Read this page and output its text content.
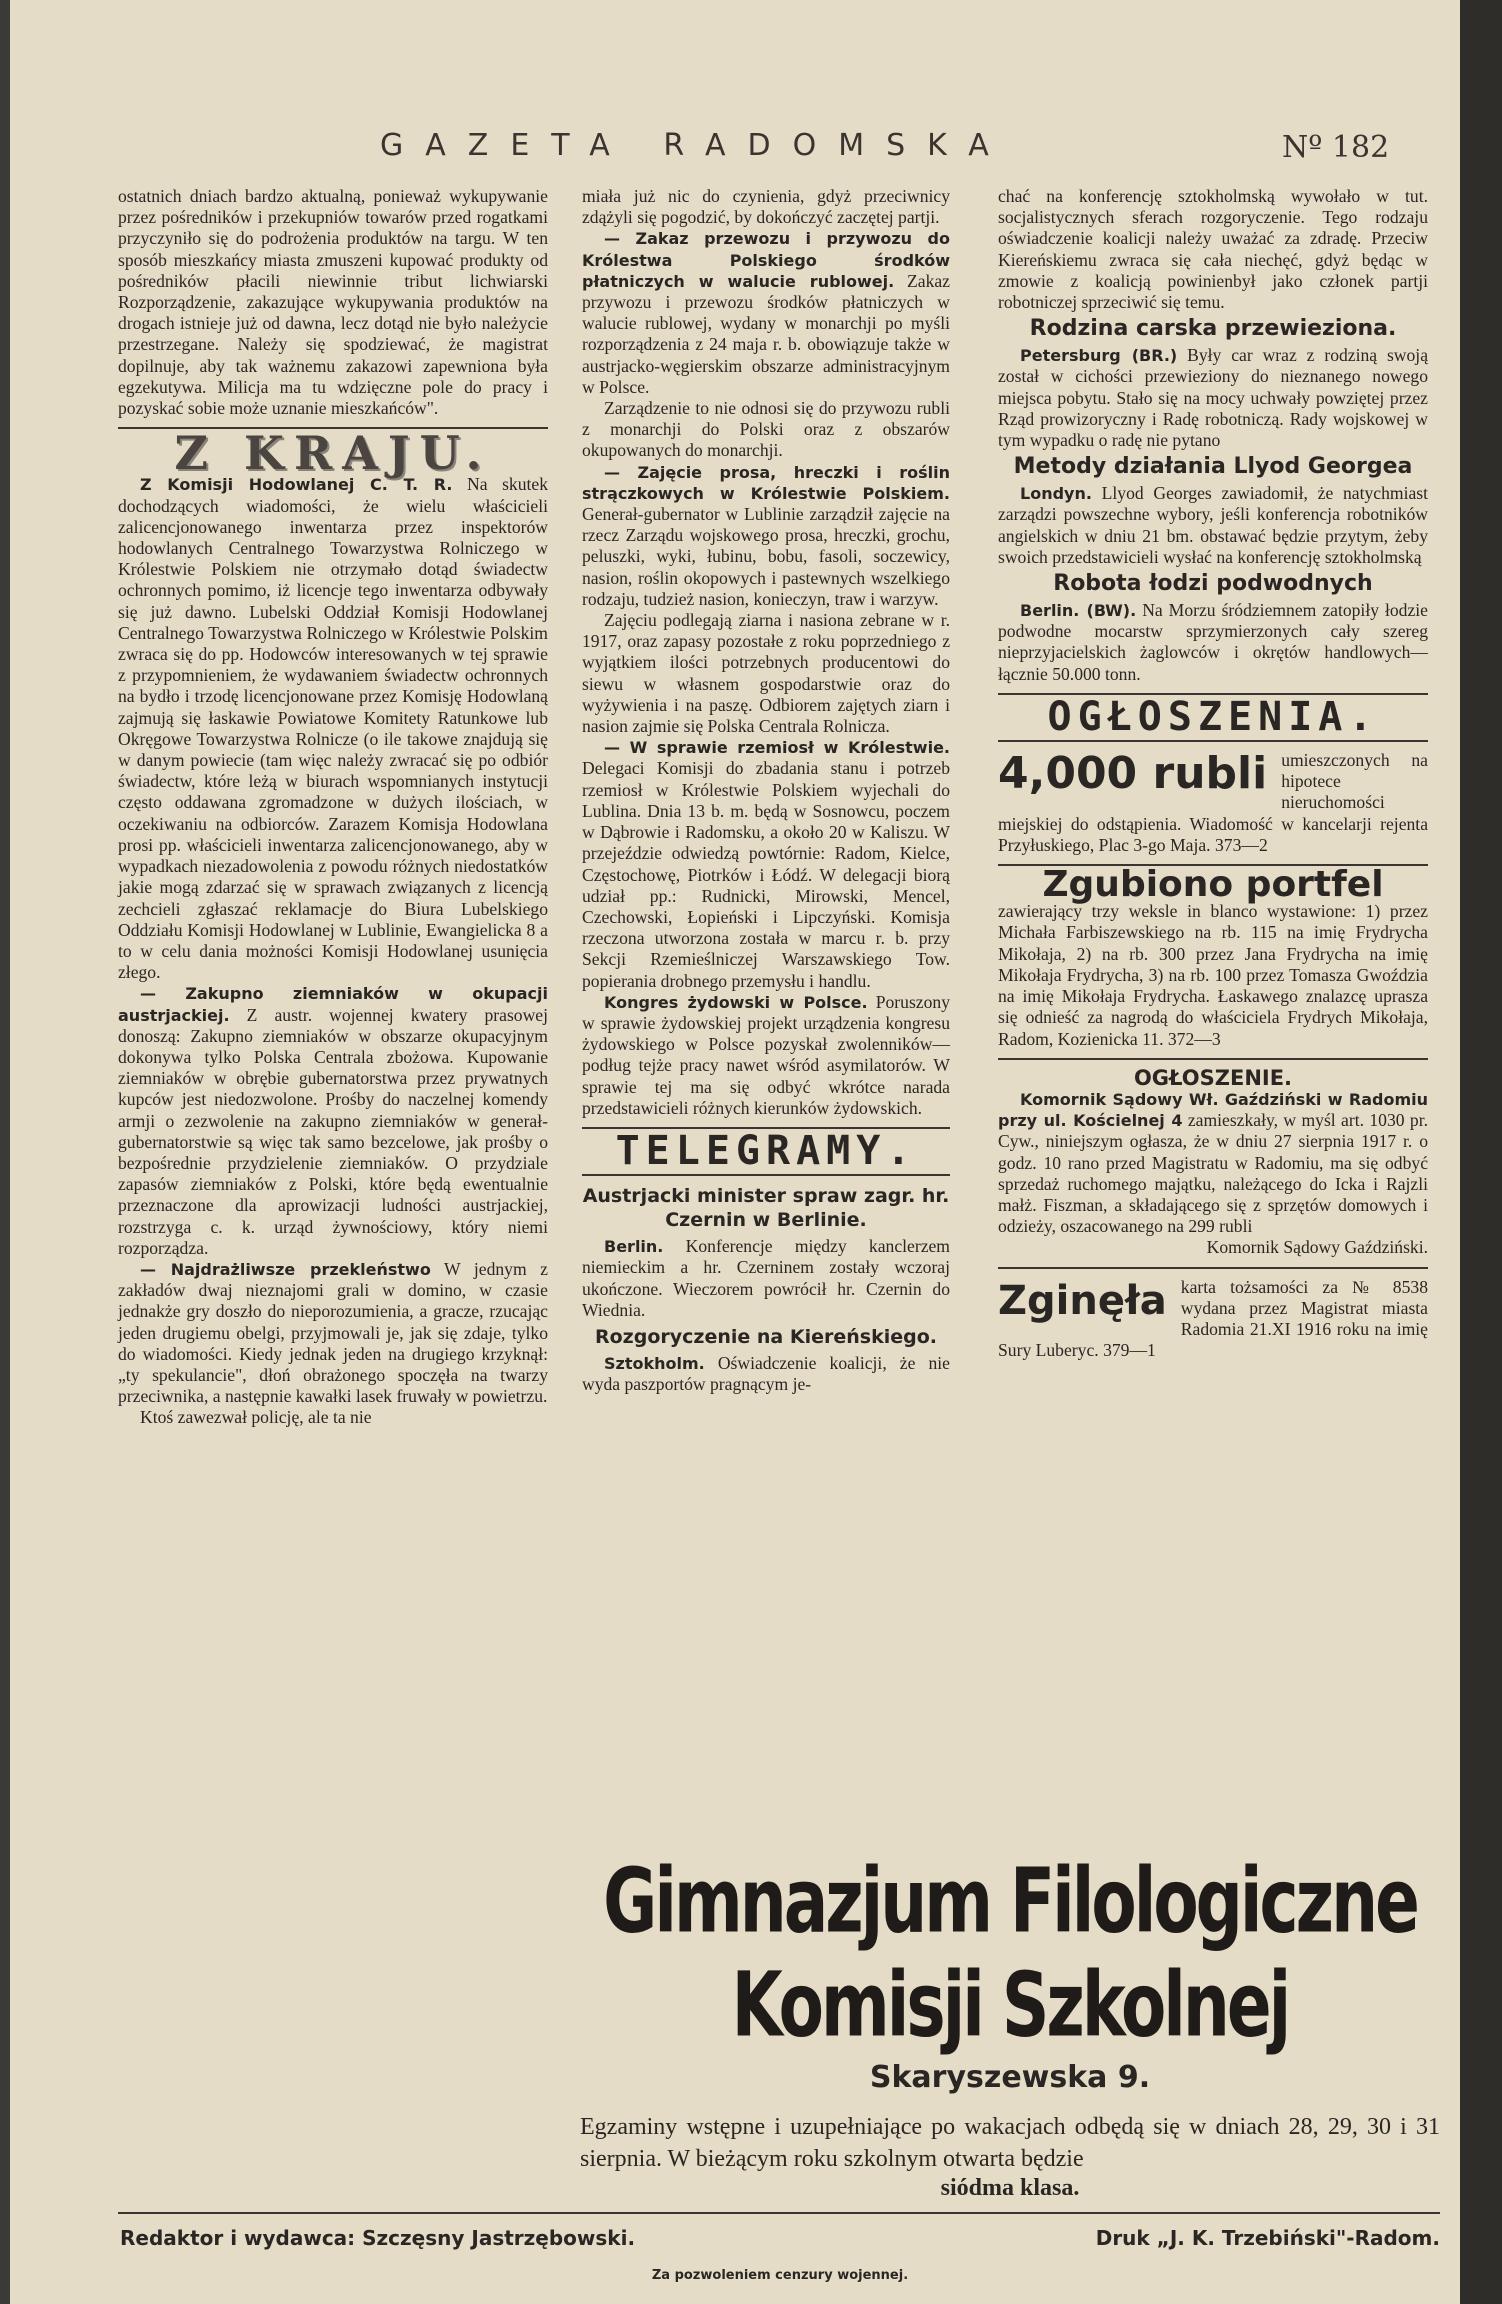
GAZETA RADOMSKA	Nº 182

ostatnich dniach bardzo aktualną, ponieważ wykupywanie przez pośredników i przekupniów towarów przed rogatkami przyczyniło się do podrożenia produktów na targu. W ten sposób mieszkańcy miasta zmuszeni kupować produkty od pośredników płacili niewinnie tribut lichwiarski Rozporządzenie, zakazujące wykupywania produktów na drogach istnieje już od dawna, lecz dotąd nie było należycie przestrzegane. Należy się spodziewać, że magistrat dopilnuje, aby tak ważnemu zakazowi zapewniona była egzekutywa. Milicja ma tu wdzięczne pole do pracy i pozyskać sobie może uznanie mieszkańców".

Z KRAJU.

Z Komisji Hodowlanej C. T. R. Na skutek dochodzących wiadomości, że wielu właścicieli zalicencjonowanego inwentarza przez inspektorów hodowlanych Centralnego Towarzystwa Rolniczego w Królestwie Polskiem nie otrzymało dotąd świadectw ochronnych pomimo, iż licencje tego inwentarza odbywały się już dawno. Lubelski Oddział Komisji Hodowlanej Centralnego Towarzystwa Rolniczego w Królestwie Polskim zwraca się do pp. Hodowców interesowanych w tej sprawie z przypomnieniem, że wydawaniem świadectw ochronnych na bydło i trzodę licencjonowane przez Komisję Hodowlaną zajmują się łaskawie Powiatowe Komitety Ratunkowe lub Okręgowe Towarzystwa Rolnicze (o ile takowe znajdują się w danym powiecie (tam więc należy zwracać się po odbiór świadectw, które leżą w biurach wspomnianych instytucji często oddawana zgromadzone w dużych ilościach, w oczekiwaniu na odbiorców. Zarazem Komisja Hodowlana prosi pp. właścicieli inwentarza zalicencjonowanego, aby w wypadkach niezadowolenia z powodu różnych niedostatków jakie mogą zdarzać się w sprawach związanych z licencją zechcieli zgłaszać reklamacje do Biura Lubelskiego Oddziału Komisji Hodowlanej w Lublinie, Ewangielicka 8 a to w celu dania możności Komisji Hodowlanej usunięcia złego.

— Zakupno ziemniaków w okupacji austrjackiej. Z austr. wojennej kwatery prasowej donoszą: Zakupno ziemniaków w obszarze okupacyjnym dokonywa tylko Polska Centrala zbożowa. Kupowanie ziemniaków w obrębie gubernatorstwa przez prywatnych kupców jest niedozwolone. Prośby do naczelnej komendy armji o zezwolenie na zakupno ziemniaków w generał-gubernatorstwie są więc tak samo bezcelowe, jak prośby o bezpośrednie przydzielenie ziemniaków. O przydziale zapasów ziemniaków z Polski, które będą ewentualnie przeznaczone dla aprowizacji ludności austrjackiej, rozstrzyga c. k. urząd żywnościowy, który niemi rozporządza.

— Najdrażliwsze przekleństwo W jednym z zakładów dwaj nieznajomi grali w domino, w czasie jednakże gry doszło do nieporozumienia, a gracze, rzucając jeden drugiemu obelgi, przyjmowali je, jak się zdaje, tylko do wiadomości. Kiedy jednak jeden na drugiego krzyknął: „ty spekulancie", dłoń obrażonego spoczęła na twarzy przeciwnika, a następnie kawałki lasek fruwały w powietrzu.

Ktoś zawezwał policję, ale ta nie

miała już nic do czynienia, gdyż przeciwnicy zdążyli się pogodzić, by dokończyć zaczętej partji.

— Zakaz przewozu i przywozu do Królestwa Polskiego środków płatniczych w walucie rublowej. Zakaz przywozu i przewozu środków płatniczych w walucie rublowej, wydany w monarchji po myśli rozporządzenia z 24 maja r. b. obowiązuje także w austrjacko-węgierskim obszarze administracyjnym w Polsce.

Zarządzenie to nie odnosi się do przywozu rubli z monarchji do Polski oraz z obszarów okupowanych do monarchji.

— Zajęcie prosa, hreczki i roślin strączkowych w Królestwie Polskiem. Generał-gubernator w Lublinie zarządził zajęcie na rzecz Zarządu wojskowego prosa, hreczki, grochu, peluszki, wyki, łubinu, bobu, fasoli, soczewicy, nasion, roślin okopowych i pastewnych wszelkiego rodzaju, tudzież nasion, konieczyn, traw i warzyw.

Zajęciu podlegają ziarna i nasiona zebrane w r. 1917, oraz zapasy pozostałe z roku poprzedniego z wyjątkiem ilości potrzebnych producentowi do siewu w własnem gospodarstwie oraz do wyżywienia i na paszę. Odbiorem zajętych ziarn i nasion zajmie się Polska Centrala Rolnicza.

— W sprawie rzemiosł w Królestwie. Delegaci Komisji do zbadania stanu i potrzeb rzemiosł w Królestwie Polskiem wyjechali do Lublina. Dnia 13 b. m. będą w Sosnowcu, poczem w Dąbrowie i Radomsku, a około 20 w Kaliszu. W przejeździe odwiedzą powtórnie: Radom, Kielce, Częstochowę, Piotrków i Łódź. W delegacji biorą udział pp.: Rudnicki, Mirowski, Mencel, Czechowski, Łopieński i Lipczyński. Komisja rzeczona utworzona została w marcu r. b. przy Sekcji Rzemieślniczej Warszawskiego Tow. popierania drobnego przemysłu i handlu.

Kongres żydowski w Polsce. Poruszony w sprawie żydowskiej projekt urządzenia kongresu żydowskiego w Polsce pozyskał zwolenników—podług tejże pracy nawet wśród asymilatorów. W sprawie tej ma się odbyć wkrótce narada przedstawicieli różnych kierunków żydowskich.

TELEGRAMY.
Austrjacki minister spraw zagr. hr. Czernin w Berlinie.

Berlin. Konferencje między kanclerzem niemieckim a hr. Czerninem zostały wczoraj ukończone. Wieczorem powrócił hr. Czernin do Wiednia.

Rozgoryczenie na Kiereńskiego.

Sztokholm. Oświadczenie koalicji, że nie wyda paszportów pragnącym je-

chać na konferencję sztokholmską wywołało w tut. socjalistycznych sferach rozgoryczenie. Tego rodzaju oświadczenie koalicji należy uważać za zdradę. Przeciw Kiereńskiemu zwraca się cała niechęć, gdyż będąc w zmowie z koalicją powinienbył jako członek partji robotniczej sprzeciwić się temu.

Rodzina carska przewieziona.

Petersburg (BR.) Były car wraz z rodziną swoją został w cichości przewieziony do nieznanego nowego miejsca pobytu. Stało się na mocy uchwały powziętej przez Rząd prowizoryczny i Radę robotniczą. Rady wojskowej w tym wypadku o radę nie pytano

Metody działania Llyod Georgea

Londyn. Llyod Georges zawiadomił, że natychmiast zarządzi powszechne wybory, jeśli konferencja robotników angielskich w dniu 21 bm. obstawać będzie przytym, żeby swoich przedstawicieli wysłać na konferencję sztokholmską

Robota łodzi podwodnych

Berlin. (BW). Na Morzu śródziemnem zatopiły łodzie podwodne mocarstw sprzymierzonych cały szereg nieprzyjacielskich żaglowców i okrętów handlowych—łącznie 50.000 tonn.

OGŁOSZENIA.
4,000 rubli umieszczonych na hipotece nieruchomości miejskiej do odstąpienia. Wiadomość w kancelarji rejenta Przyłuskiego, Plac 3-go Maja. 373—2
Zgubiono portfel

zawierający trzy weksle in blanco wystawione: 1) przez Michała Farbiszewskiego na rb. 115 na imię Frydrycha Mikołaja, 2) na rb. 300 przez Jana Frydrycha na imię Mikołaja Frydrycha, 3) na rb. 100 przez Tomasza Gwoździa na imię Mikołaja Frydrycha. Łaskawego znalazcę uprasza się odnieść za nagrodą do właściciela Frydrych Mikołaja, Radom, Kozienicka 11. 372—3

OGŁOSZENIE.

Komornik Sądowy Wł. Gaździński w Radomiu przy ul. Kościelnej 4 zamieszkały, w myśl art. 1030 pr. Cyw., niniejszym ogłasza, że w dniu 27 sierpnia 1917 r. o godz. 10 rano przed Magistratu w Radomiu, ma się odbyć sprzedaż ruchomego majątku, należącego do Icka i Rajzli małż. Fiszman, a składającego się z sprzętów domowych i odzieży, oszacowanego na 299 rubli

Komornik Sądowy Gaździński.
Zginęła karta tożsamości za № 8538 wydana przez Magistrat miasta Radomia 21.XI 1916 roku na imię Sury Luberyc. 379—1
Gimnazjum Filologiczne Komisji Szkolnej
Skaryszewska 9.
Egzaminy wstępne i uzupełniające po wakacjach odbędą się w dniach 28, 29, 30 i 31 sierpnia. W bieżącym roku szkolnym otwarta będzie
siódma klasa.
Redaktor i wydawca: Szczęsny Jastrzębowski.	Druk „J. K. Trzebiński"-Radom.
Za pozwoleniem cenzury wojennej.
